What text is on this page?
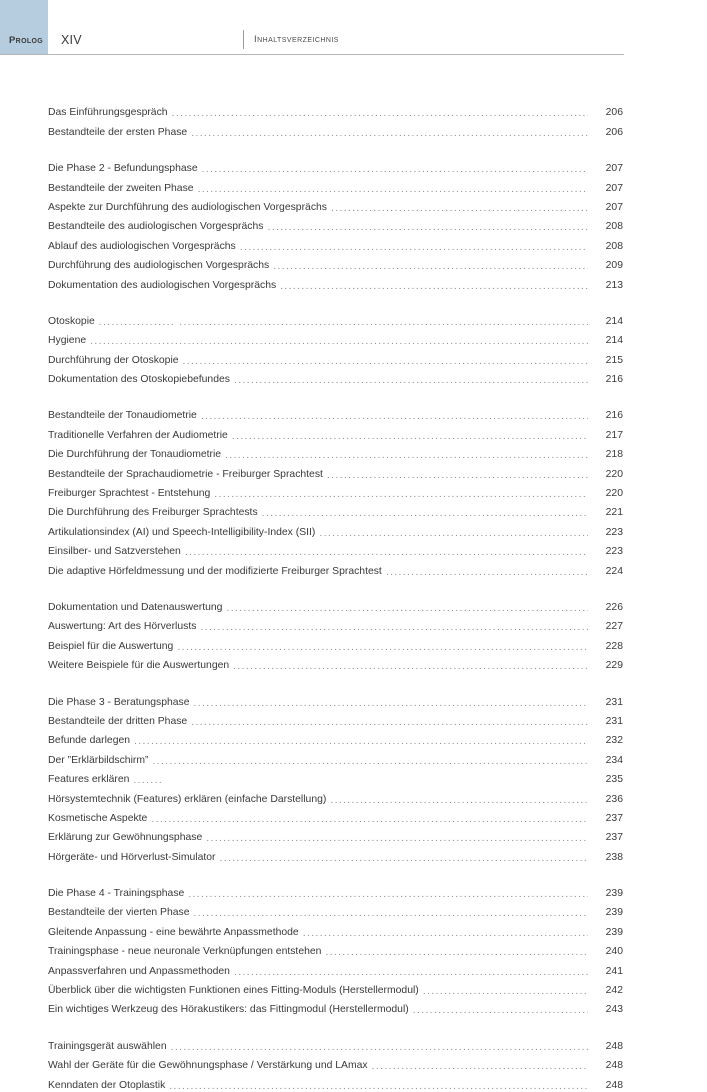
Prolog XIV	Inhaltsverzeichnis
Das Einführungsgespräch .....	206
Bestandteile der ersten Phase .....	206
Die Phase 2 - Befundungsphase .....	207
Bestandteile der zweiten Phase .....	207
Aspekte zur Durchführung des audiologischen Vorgesprächs .....	207
Bestandteile des audiologischen Vorgesprächs .....	208
Ablauf des audiologischen Vorgesprächs .....	208
Durchführung des audiologischen Vorgesprächs .....	209
Dokumentation des audiologischen Vorgesprächs .....	213
Otoskopie .....	214
Hygiene .....	214
Durchführung der Otoskopie .....	215
Dokumentation des Otoskopiebefundes .....	216
Bestandteile der Tonaudiometrie .....	216
Traditionelle Verfahren der Audiometrie .....	217
Die Durchführung der Tonaudiometrie .....	218
Bestandteile der Sprachaudiometrie - Freiburger Sprachtest .....	220
Freiburger Sprachtest - Entstehung .....	220
Die Durchführung des Freiburger Sprachtests .....	221
Artikulationsindex (AI) und Speech-Intelligibility-Index (SII) .....	223
Einsilber- und Satzverstehen .....	223
Die adaptive Hörfeldmessung und der modifizierte Freiburger Sprachtest .....	224
Dokumentation und Datenauswertung .....	226
Auswertung: Art des Hörverlusts .....	227
Beispiel für die Auswertung .....	228
Weitere Beispiele für die Auswertungen .....	229
Die Phase 3 - Beratungsphase .....	231
Bestandteile der dritten Phase .....	231
Befunde darlegen .....	232
Der ”Erklärbildschirm” .....	234
Features erklären .......	235
Hörsystemtechnik (Features) erklären (einfache Darstellung) .....	236
Kosmetische Aspekte .....	237
Erklärung zur Gewöhnungsphase .....	237
Hörgeräte- und Hörverlust-Simulator .....	238
Die Phase 4 - Trainingsphase .....	239
Bestandteile der vierten Phase .....	239
Gleitende Anpassung - eine bewährte Anpassmethode .....	239
Trainingsphase - neue neuronale Verknüpfungen entstehen .....	240
Anpassverfahren und Anpassmethoden .....	241
Überblick über die wichtigsten Funktionen eines Fitting-Moduls (Herstellermodul) .....	242
Ein wichtiges Werkzeug des Hörakustikers: das Fittingmodul (Herstellermodul) .....	243
Trainingsgerät auswählen .....	248
Wahl der Geräte für die Gewöhnungsphase / Verstärkung und LAmax .....	248
Kenndaten der Otoplastik .....	248
